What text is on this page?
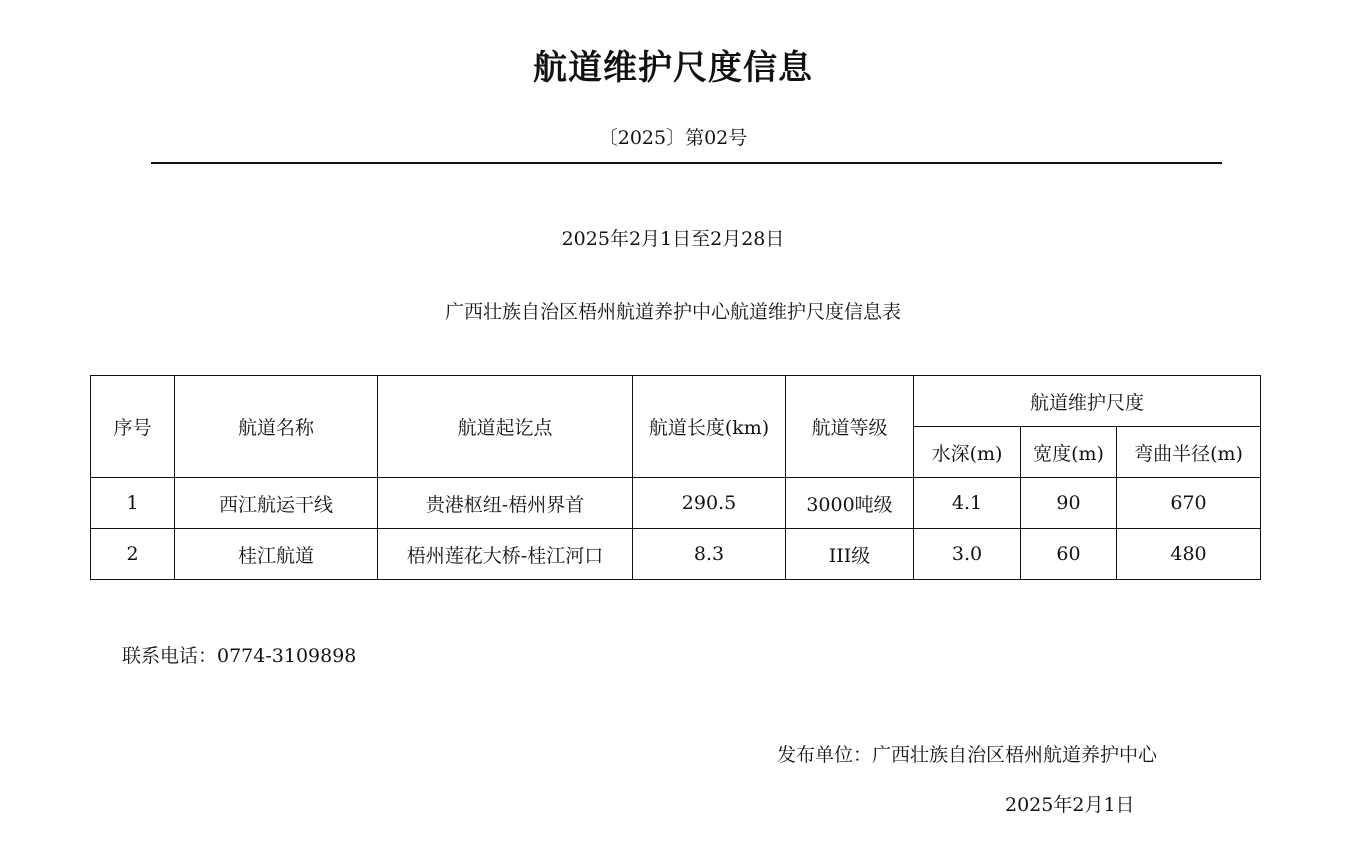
航道维护尺度信息
〔2025〕第02号
2025年2月1日至2月28日
广西壮族自治区梧州航道养护中心航道维护尺度信息表
序号	航道名称	航道起讫点	航道长度(km)	航道等级	航道维护尺度		
					水深(m)	宽度(m)	弯曲半径(m)
1	西江航运干线	贵港枢纽-梧州界首	290.5	3000吨级	4.1	90	670
2	桂江航道	梧州莲花大桥-桂江河口	8.3	III级	3.0	60	480
联系电话：0774-3109898
发布单位：广西壮族自治区梧州航道养护中心
2025年2月1日
